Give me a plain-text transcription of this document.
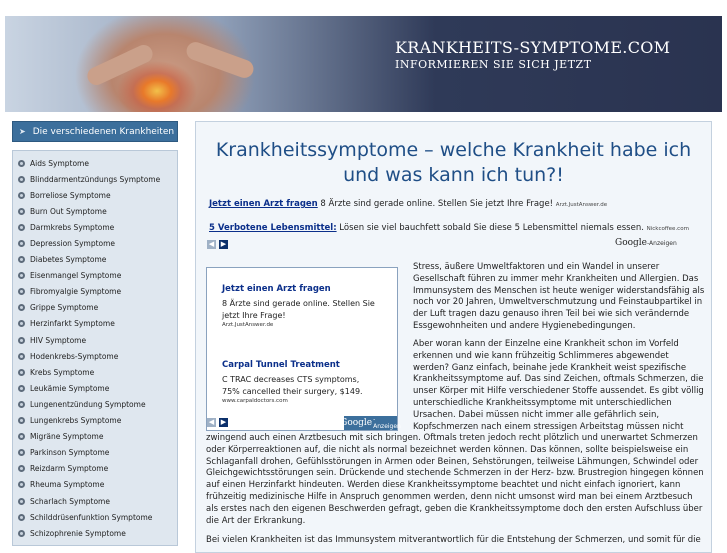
KRANKHEITS-SYMPTOME.COM
INFORMIEREN SIE SICH JETZT
➤ Die verschiedenen Krankheiten
Aids Symptome
Blinddarmentzündungs Symptome
Borreliose Symptome
Burn Out Symptome
Darmkrebs Symptome
Depression Symptome
Diabetes Symptome
Eisenmangel Symptome
Fibromyalgie Symptome
Grippe Symptome
Herzinfarkt Symptome
HIV Symptome
Hodenkrebs-Symptome
Krebs Symptome
Leukämie Symptome
Lungenentzündung Symptome
Lungenkrebs Symptome
Migräne Symptome
Parkinson Symptome
Reizdarm Symptome
Rheuma Symptome
Scharlach Symptome
Schilddrüsenfunktion Symptome
Schizophrenie Symptome
Krankheitssymptome – welche Krankheit habe ich und was kann ich tun?!
Jetzt einen Arzt fragen 8 Ärzte sind gerade online. Stellen Sie jetzt Ihre Frage! Arzt.JustAnswer.de
5 Verbotene Lebensmittel: Lösen sie viel bauchfett sobald Sie diese 5 Lebensmittel niemals essen. Nickcoffee.com
◀ ▶	Google-Anzeigen
Jetzt einen Arzt fragen
8 Ärzte sind gerade online. Stellen Sie jetzt Ihre Frage!
Arzt.JustAnswer.de
Carpal Tunnel Treatment
C TRAC decreases CTS symptoms, 75% cancelled their surgery, $149.
www.carpaldoctors.com
Google -Anzeigen
◀ ▶
Stress, äußere Umweltfaktoren und ein Wandel in unserer Gesellschaft führen zu immer mehr Krankheiten und Allergien. Das Immunsystem des Menschen ist heute weniger widerstandsfähig als noch vor 20 Jahren, Umweltverschmutzung und Feinstaubpartikel in der Luft tragen dazu genauso ihren Teil bei wie sich verändernde Essgewohnheiten und andere Hygienebedingungen.
Aber woran kann der Einzelne eine Krankheit schon im Vorfeld erkennen und wie kann frühzeitig Schlimmeres abgewendet werden? Ganz einfach, beinahe jede Krankheit weist spezifische Krankheitssymptome auf. Das sind Zeichen, oftmals Schmerzen, die unser Körper mit Hilfe verschiedener Stoffe aussendet. Es gibt völlig unterschiedliche Krankheitssymptome mit unterschiedlichen Ursachen. Dabei müssen nicht immer alle gefährlich sein, Kopfschmerzen nach einem stressigen Arbeitstag müssen nicht
zwingend auch einen Arztbesuch mit sich bringen. Oftmals treten jedoch recht plötzlich und unerwartet Schmerzen oder Körperreaktionen auf, die nicht als normal bezeichnet werden können. Das können, sollte beispielsweise ein Schlaganfall drohen, Gefühlsstörungen in Armen oder Beinen, Sehstörungen, teilweise Lähmungen, Schwindel oder Gleichgewichtsstörungen sein. Drückende und stechende Schmerzen in der Herz- bzw. Brustregion hingegen können auf einen Herzinfarkt hindeuten. Werden diese Krankheitssymptome beachtet und nicht einfach ignoriert, kann frühzeitig medizinische Hilfe in Anspruch genommen werden, denn nicht umsonst wird man bei einem Arztbesuch als erstes nach den eigenen Beschwerden gefragt, geben die Krankheitssymptome doch den ersten Aufschluss über die Art der Erkrankung.
Bei vielen Krankheiten ist das Immunsystem mitverantwortlich für die Entstehung der Schmerzen, und somit für die
